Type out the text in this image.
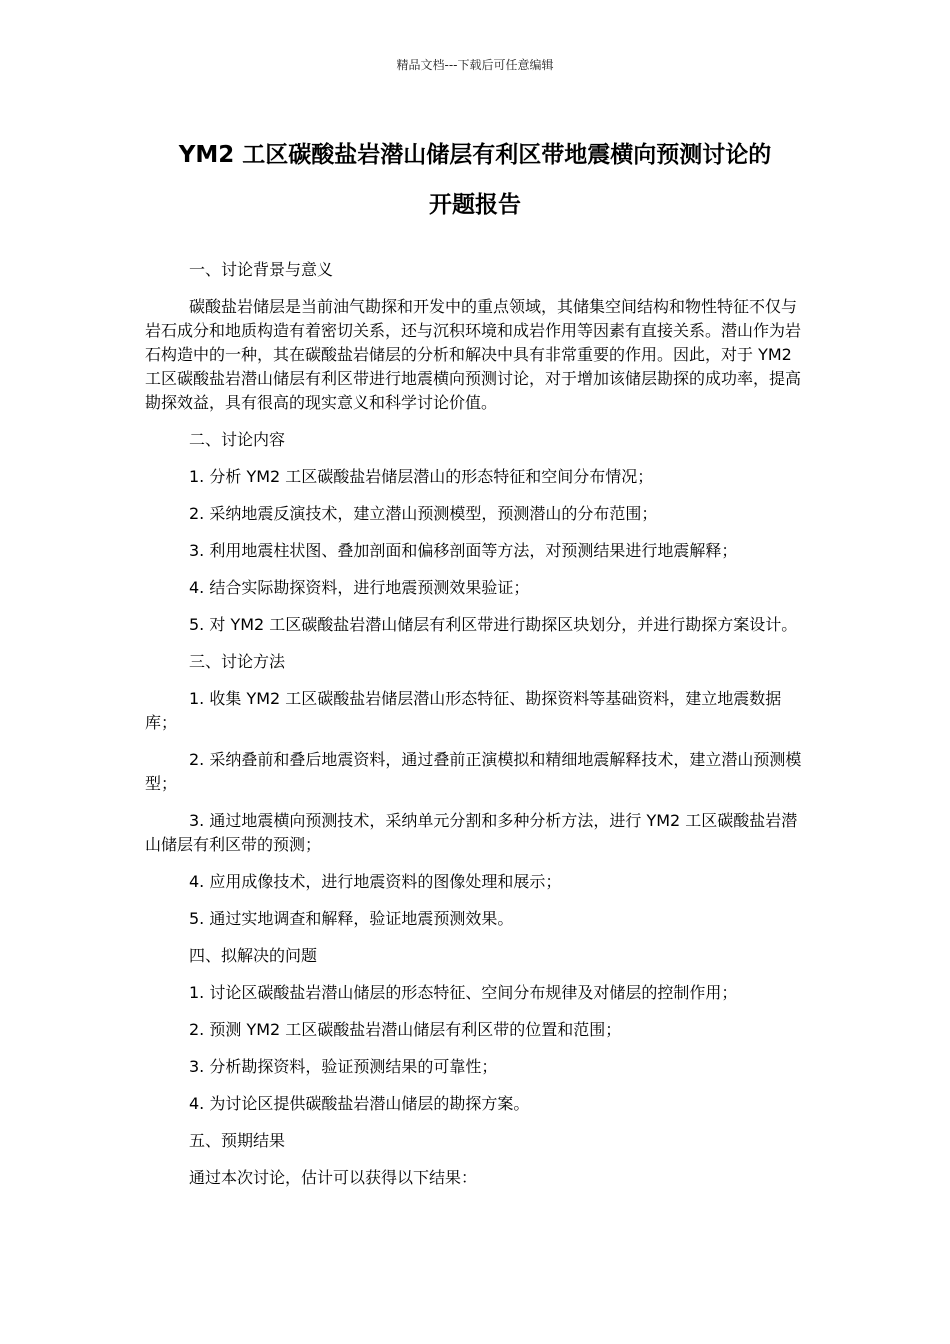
精品文档---下载后可任意编辑
YM2 工区碳酸盐岩潜山储层有利区带地震横向预测讨论的
开题报告

一、讨论背景与意义

碳酸盐岩储层是当前油气勘探和开发中的重点领域，其储集空间结构和物性特征不仅与岩石成分和地质构造有着密切关系，还与沉积环境和成岩作用等因素有直接关系。潜山作为岩石构造中的一种，其在碳酸盐岩储层的分析和解决中具有非常重要的作用。因此，对于 YM2 工区碳酸盐岩潜山储层有利区带进行地震横向预测讨论，对于增加该储层勘探的成功率，提高勘探效益，具有很高的现实意义和科学讨论价值。

二、讨论内容

1. 分析 YM2 工区碳酸盐岩储层潜山的形态特征和空间分布情况；

2. 采纳地震反演技术，建立潜山预测模型，预测潜山的分布范围；

3. 利用地震柱状图、叠加剖面和偏移剖面等方法，对预测结果进行地震解释；

4. 结合实际勘探资料，进行地震预测效果验证；

5. 对 YM2 工区碳酸盐岩潜山储层有利区带进行勘探区块划分，并进行勘探方案设计。

三、讨论方法

1. 收集 YM2 工区碳酸盐岩储层潜山形态特征、勘探资料等基础资料，建立地震数据库；

2. 采纳叠前和叠后地震资料，通过叠前正演模拟和精细地震解释技术，建立潜山预测模型；

3. 通过地震横向预测技术，采纳单元分割和多种分析方法，进行 YM2 工区碳酸盐岩潜山储层有利区带的预测；

4. 应用成像技术，进行地震资料的图像处理和展示；

5. 通过实地调查和解释，验证地震预测效果。

四、拟解决的问题

1. 讨论区碳酸盐岩潜山储层的形态特征、空间分布规律及对储层的控制作用；

2. 预测 YM2 工区碳酸盐岩潜山储层有利区带的位置和范围；

3. 分析勘探资料，验证预测结果的可靠性；

4. 为讨论区提供碳酸盐岩潜山储层的勘探方案。

五、预期结果

通过本次讨论，估计可以获得以下结果：
